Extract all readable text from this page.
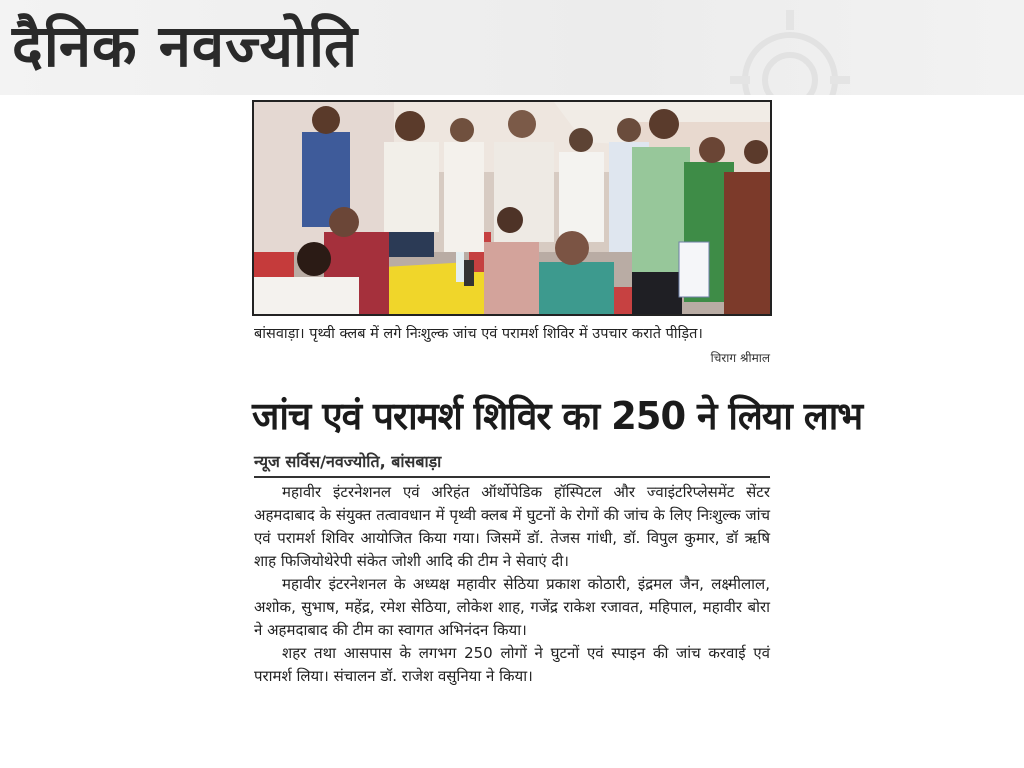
दैनिक नवज्योति
बांसवाड़ा। पृथ्वी क्लब में लगे निःशुल्क जांच एवं परामर्श शिविर में उपचार कराते पीड़ित।
चिराग श्रीमाल
जांच एवं परामर्श शिविर का 250 ने लिया लाभ
न्यूज सर्विस/नवज्योति, बांसबाड़ा

महावीर इंटरनेशनल एवं अरिहंत ऑर्थोपेडिक हॉस्पिटल और ज्वाइंटरिप्लेसमेंट सेंटर अहमदाबाद के संयुक्त तत्वावधान में पृथ्वी क्लब में घुटनों के रोगों की जांच के लिए निःशुल्क जांच एवं परामर्श शिविर आयोजित किया गया। जिसमें डॉ. तेजस गांधी, डॉ. विपुल कुमार, डॉ ऋषि शाह फिजियोथेरेपी संकेत जोशी आदि की टीम ने सेवाएं दी।

महावीर इंटरनेशनल के अध्यक्ष महावीर सेठिया प्रकाश कोठारी, इंद्रमल जैन, लक्ष्मीलाल, अशोक, सुभाष, महेंद्र, रमेश सेठिया, लोकेश शाह, गजेंद्र राकेश रजावत, महिपाल, महावीर बोरा ने अहमदाबाद की टीम का स्वागत अभिनंदन किया।

शहर तथा आसपास के लगभग 250 लोगों ने घुटनों एवं स्पाइन की जांच करवाई एवं परामर्श लिया। संचालन डॉ. राजेश वसुनिया ने किया।
